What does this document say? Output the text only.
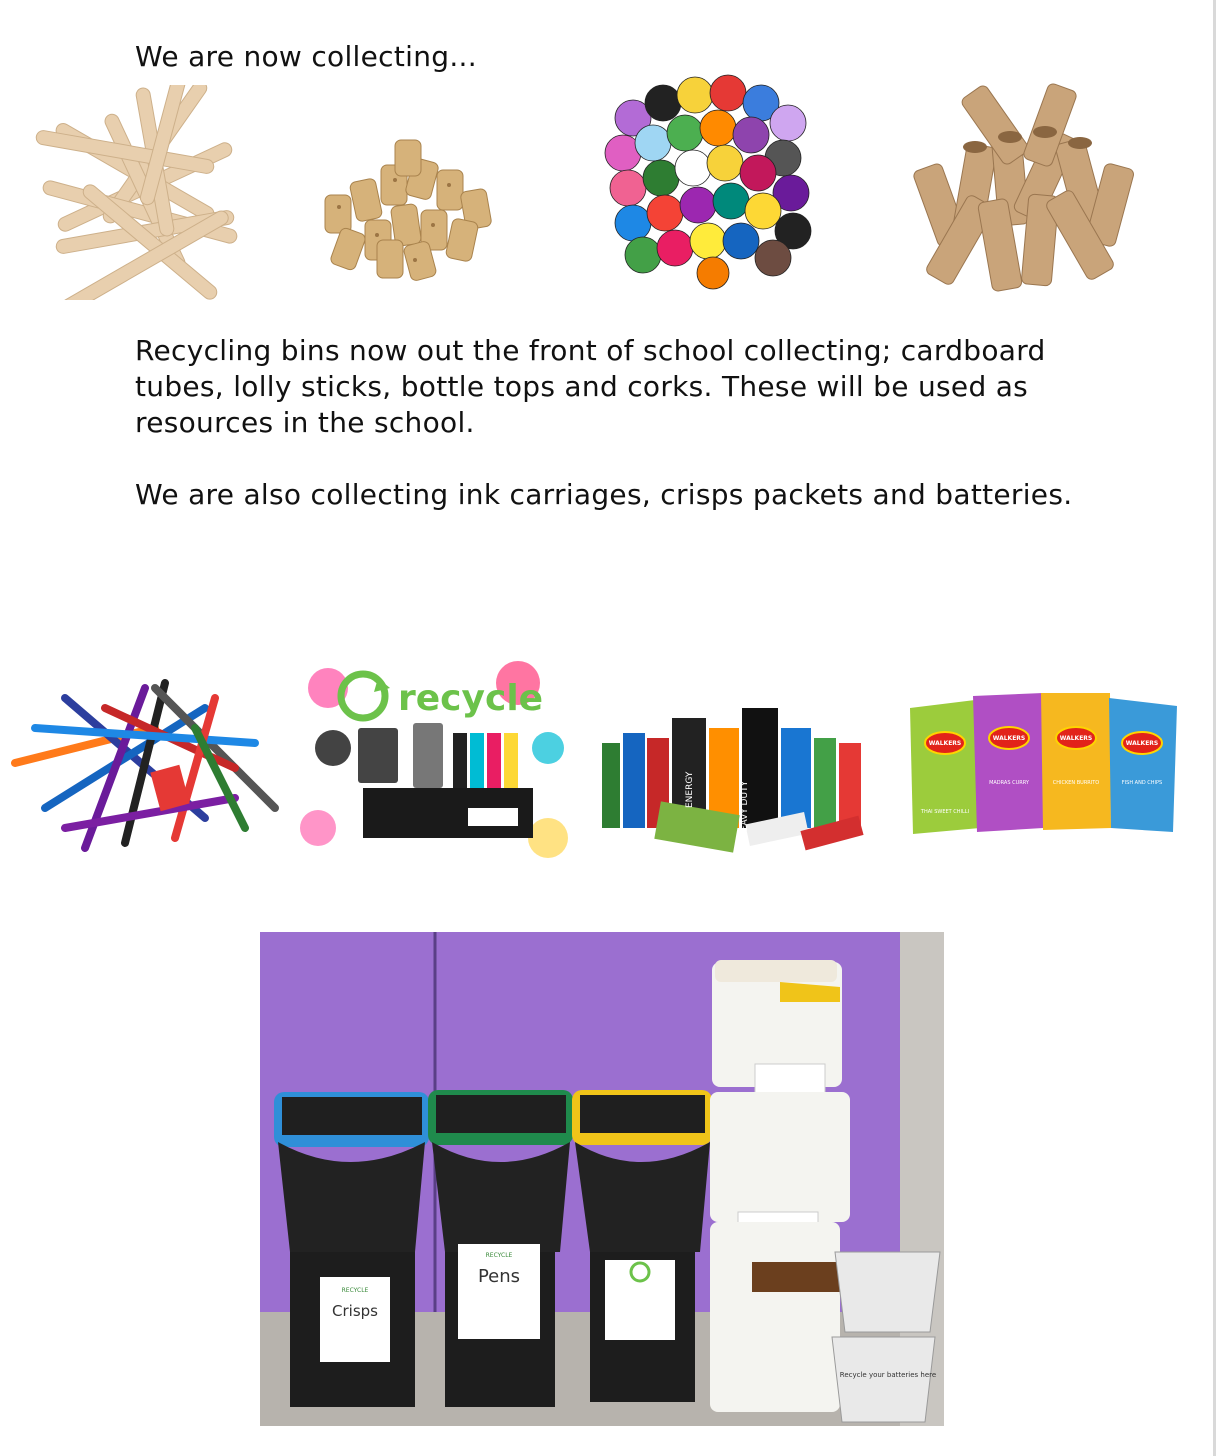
We are now collecting...

Recycling bins now out the front of school collecting; cardboard tubes, lolly sticks, bottle tops and corks. These will be used as resources in the school.

We are also collecting ink carriages, crisps packets and batteries.

recycle
HEAVY DUTY
ENERGY
WALKERS
WALKERS	WALKERS
WALKERS
THAI SWEET CHILLI
MADRAS CURRY	CHICKEN BURRITO	FISH AND CHIPS
Crisps
RECYCLE
Pens
RECYCLE
Recycle your batteries here
